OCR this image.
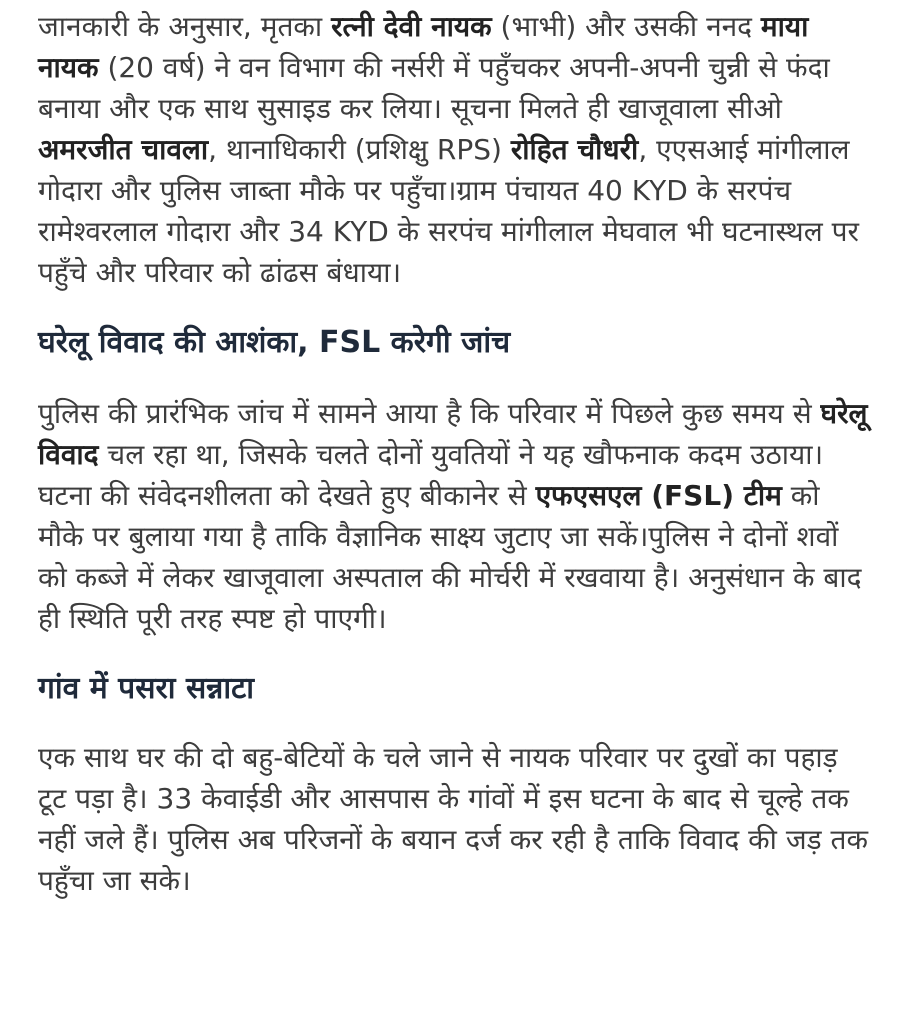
जानकारी के अनुसार, मृतका रत्नी देवी नायक (भाभी) और उसकी ननद माया नायक (20 वर्ष) ने वन विभाग की नर्सरी में पहुँचकर अपनी-अपनी चुन्नी से फंदा बनाया और एक साथ सुसाइड कर लिया। सूचना मिलते ही खाजूवाला सीओ अमरजीत चावला, थानाधिकारी (प्रशिक्षु RPS) रोहित चौधरी, एएसआई मांगीलाल गोदारा और पुलिस जाब्ता मौके पर पहुँचा।ग्राम पंचायत 40 KYD के सरपंच रामेश्वरलाल गोदारा और 34 KYD के सरपंच मांगीलाल मेघवाल भी घटनास्थल पर पहुँचे और परिवार को ढांढस बंधाया।

घरेलू विवाद की आशंका, FSL करेगी जांच

पुलिस की प्रारंभिक जांच में सामने आया है कि परिवार में पिछले कुछ समय से घरेलू विवाद चल रहा था, जिसके चलते दोनों युवतियों ने यह खौफनाक कदम उठाया।घटना की संवेदनशीलता को देखते हुए बीकानेर से एफएसएल (FSL) टीम को मौके पर बुलाया गया है ताकि वैज्ञानिक साक्ष्य जुटाए जा सकें।पुलिस ने दोनों शवों को कब्जे में लेकर खाजूवाला अस्पताल की मोर्चरी में रखवाया है। अनुसंधान के बाद ही स्थिति पूरी तरह स्पष्ट हो पाएगी।

गांव में पसरा सन्नाटा

एक साथ घर की दो बहु-बेटियों के चले जाने से नायक परिवार पर दुखों का पहाड़ टूट पड़ा है। 33 केवाईडी और आसपास के गांवों में इस घटना के बाद से चूल्हे तक नहीं जले हैं। पुलिस अब परिजनों के बयान दर्ज कर रही है ताकि विवाद की जड़ तक पहुँचा जा सके।
